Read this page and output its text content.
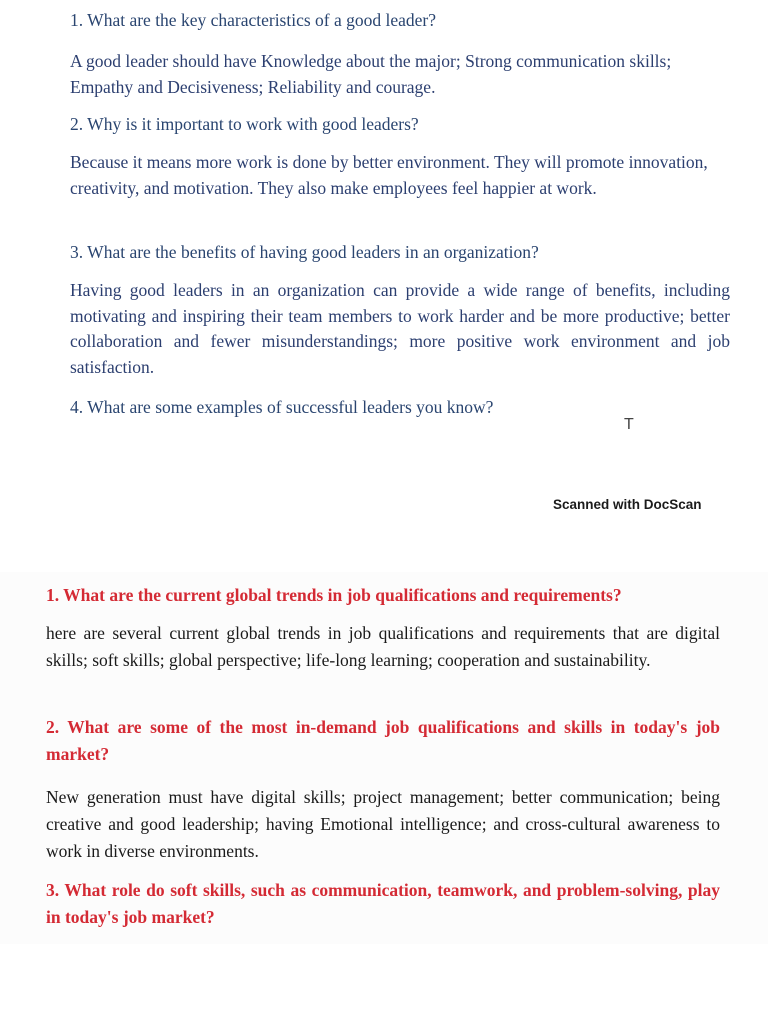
1. What are the key characteristics of a good leader?
A good leader should have Knowledge about the major; Strong communication skills; Empathy and Decisiveness; Reliability and courage.
2. Why is it important to work with good leaders?
Because it means more work is done by better environment. They will promote innovation, creativity, and motivation. They also make employees feel happier at work.
3. What are the benefits of having good leaders in an organization?
Having good leaders in an organization can provide a wide range of benefits, including motivating and inspiring their team members to work harder and be more productive; better collaboration and fewer misunderstandings; more positive work environment and job satisfaction.
4. What are some examples of successful leaders you know?
T
Scanned with DocScan
1. What are the current global trends in job qualifications and requirements?
here are several current global trends in job qualifications and requirements that are digital skills; soft skills; global perspective; life-long learning; cooperation and sustainability.
2. What are some of the most in-demand job qualifications and skills in today's job market?
New generation must have digital skills; project management; better communication; being creative and good leadership; having Emotional intelligence; and cross-cultural awareness to work in diverse environments.
3. What role do soft skills, such as communication, teamwork, and problem-solving, play in today's job market?
